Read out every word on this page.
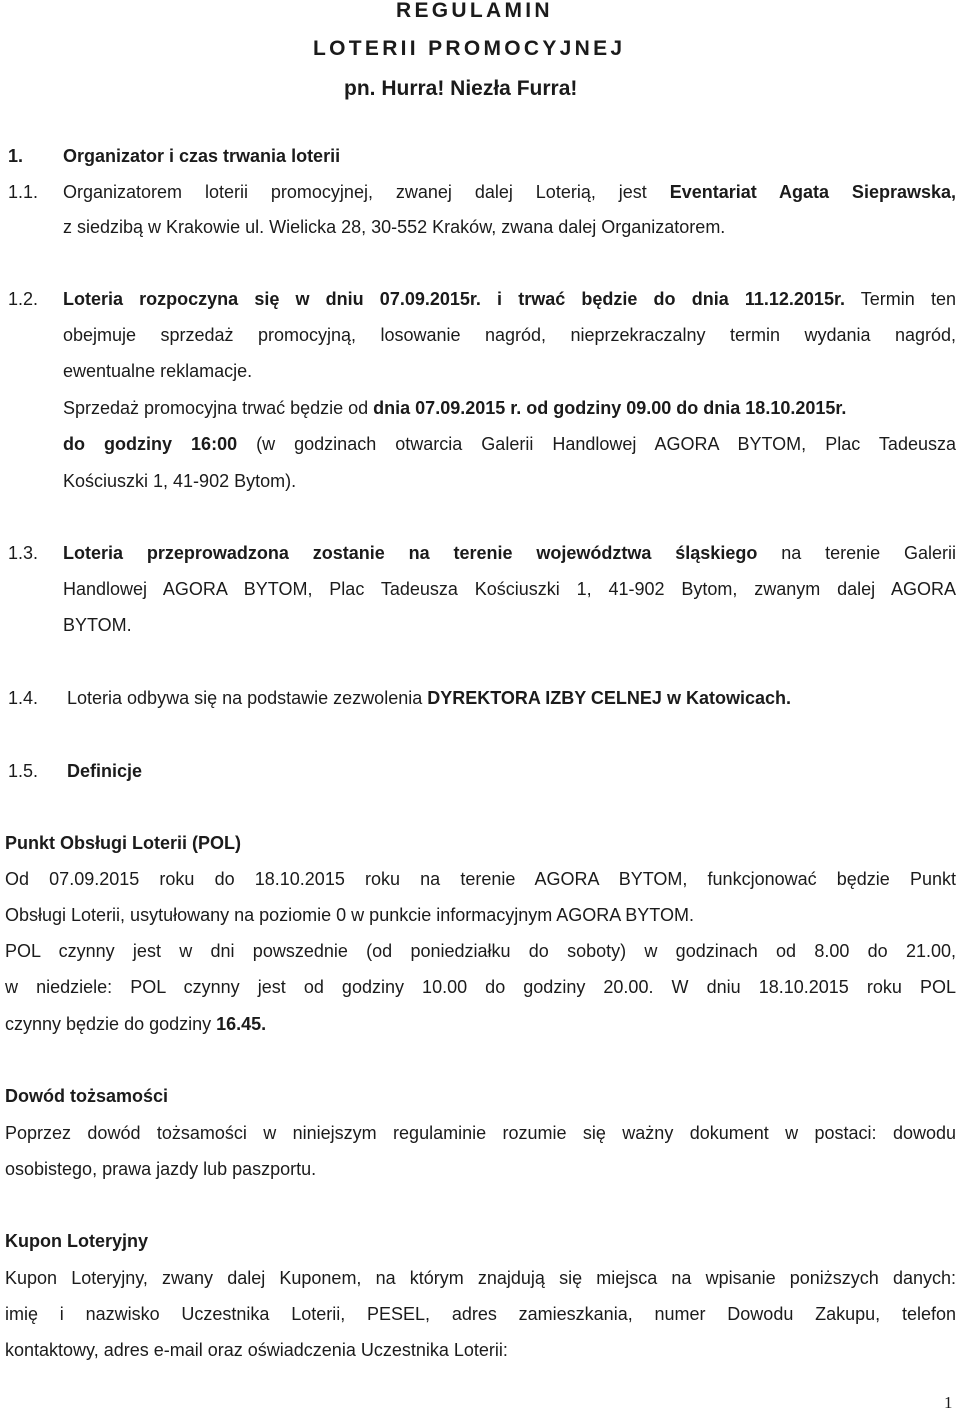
REGULAMIN
LOTERII PROMOCYJNEJ
pn. Hurra! Niezła Furra!
1. Organizator i czas trwania loterii
1.1. Organizatorem loterii promocyjnej, zwanej dalej Loterią, jest Eventariat Agata Sieprawska,
z siedzibą w Krakowie ul. Wielicka 28, 30-552 Kraków, zwana dalej Organizatorem.
1.2. Loteria rozpoczyna się w dniu 07.09.2015r. i trwać będzie do dnia 11.12.2015r. Termin ten
obejmuje sprzedaż promocyjną, losowanie nagród, nieprzekraczalny termin wydania nagród,
ewentualne reklamacje.
Sprzedaż promocyjna trwać będzie od dnia 07.09.2015 r. od godziny 09.00 do dnia 18.10.2015r.
do godziny 16:00 (w godzinach otwarcia Galerii Handlowej AGORA BYTOM, Plac Tadeusza
Kościuszki 1, 41-902 Bytom).
1.3. Loteria przeprowadzona zostanie na terenie województwa śląskiego na terenie Galerii
Handlowej AGORA BYTOM, Plac Tadeusza Kościuszki 1, 41-902 Bytom, zwanym dalej AGORA
BYTOM.
1.4. Loteria odbywa się na podstawie zezwolenia DYREKTORA IZBY CELNEJ w Katowicach.
1.5. Definicje
Punkt Obsługi Loterii (POL)
Od 07.09.2015 roku do 18.10.2015 roku na terenie AGORA BYTOM, funkcjonować będzie Punkt
Obsługi Loterii, usytułowany na poziomie 0 w punkcie informacyjnym AGORA BYTOM.
POL czynny jest w dni powszednie (od poniedziałku do soboty) w godzinach od 8.00 do 21.00,
w niedziele: POL czynny jest od godziny 10.00 do godziny 20.00. W dniu 18.10.2015 roku POL
czynny będzie do godziny 16.45.
Dowód tożsamości
Poprzez dowód tożsamości w niniejszym regulaminie rozumie się ważny dokument w postaci: dowodu
osobistego, prawa jazdy lub paszportu.
Kupon Loteryjny
Kupon Loteryjny, zwany dalej Kuponem, na którym znajdują się miejsca na wpisanie poniższych danych:
imię i nazwisko Uczestnika Loterii, PESEL, adres zamieszkania, numer Dowodu Zakupu, telefon
kontaktowy, adres e-mail oraz oświadczenia Uczestnika Loterii:
1
